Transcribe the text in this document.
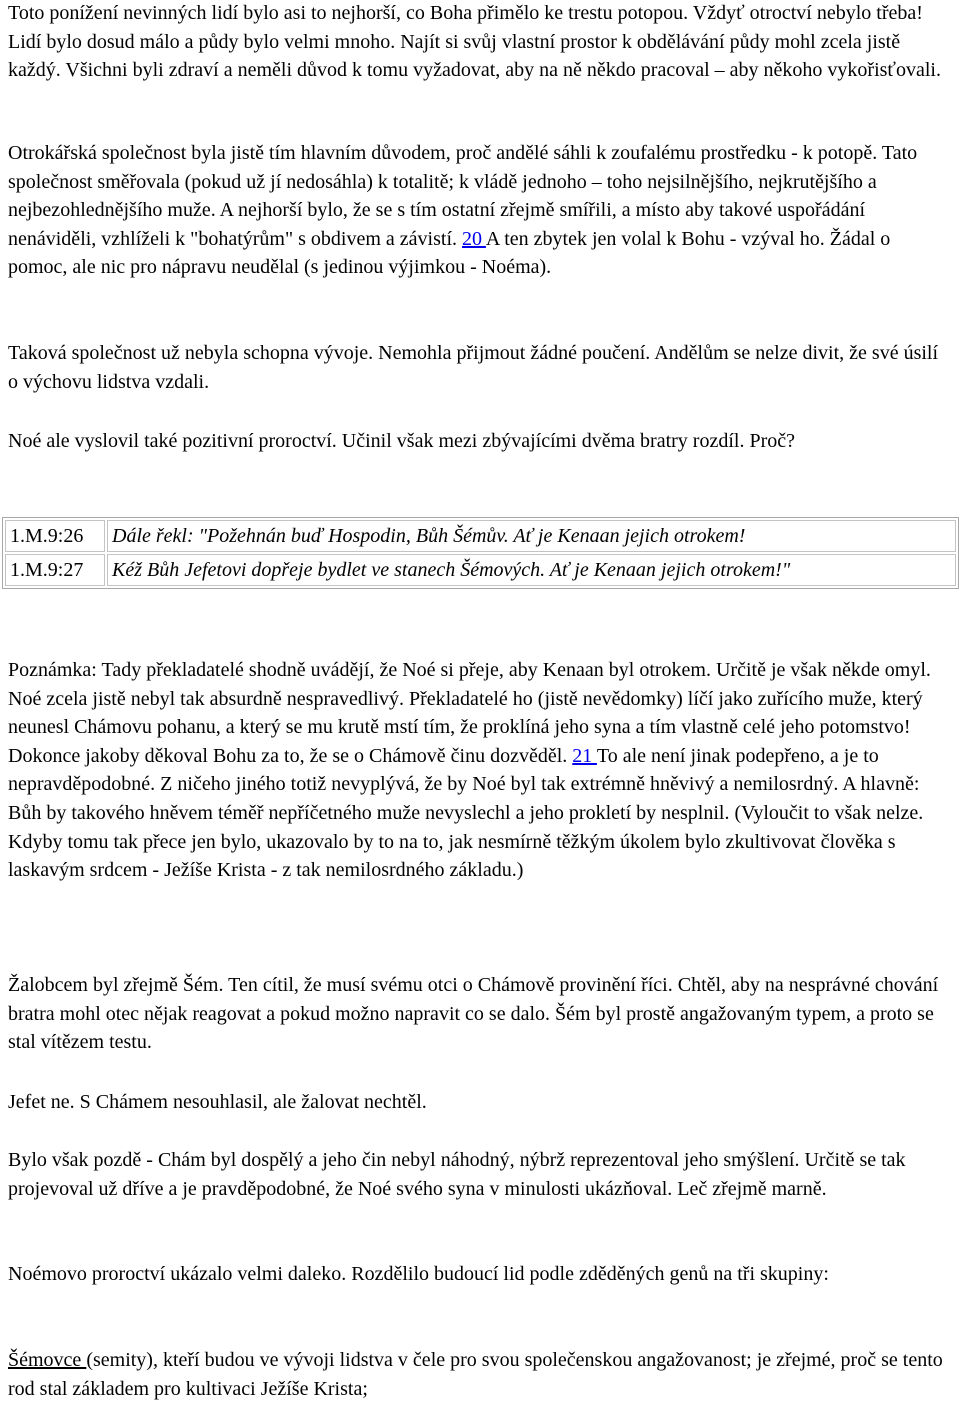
Toto ponížení nevinných lidí bylo asi to nejhorší, co Boha přimělo ke trestu potopou. Vždyť otroctví nebylo třeba! Lidí bylo dosud málo a půdy bylo velmi mnoho. Najít si svůj vlastní prostor k obdělávání půdy mohl zcela jistě každý. Všichni byli zdraví a neměli důvod k tomu vyžadovat, aby na ně někdo pracoval – aby někoho vykořisťovali.

Otrokářská společnost byla jistě tím hlavním důvodem, proč andělé sáhli k zoufalému prostředku - k potopě. Tato společnost směřovala (pokud už jí nedosáhla) k totalitě; k vládě jednoho – toho nejsilnějšího, nejkrutějšího a nejbezohlednějšího muže. A nejhorší bylo, že se s tím ostatní zřejmě smířili, a místo aby takové uspořádání nenáviděli, vzhlíželi k "bohatýrům" s obdivem a závistí. 20 A ten zbytek jen volal k Bohu - vzýval ho. Žádal o pomoc, ale nic pro nápravu neudělal (s jedinou výjimkou - Noéma).

Taková společnost už nebyla schopna vývoje. Nemohla přijmout žádné poučení. Andělům se nelze divit, že své úsilí o výchovu lidstva vzdali.

Noé ale vyslovil také pozitivní proroctví. Učinil však mezi zbývajícími dvěma bratry rozdíl. Proč?

1.M.9:26	Dále řekl: "Požehnán buď Hospodin, Bůh Šémův. Ať je Kenaan jejich otrokem!
1.M.9:27	Kéž Bůh Jefetovi dopřeje bydlet ve stanech Šémových. Ať je Kenaan jejich otrokem!"

Poznámka: Tady překladatelé shodně uvádějí, že Noé si přeje, aby Kenaan byl otrokem. Určitě je však někde omyl. Noé zcela jistě nebyl tak absurdně nespravedlivý. Překladatelé ho (jistě nevědomky) líčí jako zuřícího muže, který neunesl Chámovu pohanu, a který se mu krutě mstí tím, že proklíná jeho syna a tím vlastně celé jeho potomstvo! Dokonce jakoby děkoval Bohu za to, že se o Chámově činu dozvěděl. 21 To ale není jinak podepřeno, a je to nepravděpodobné. Z ničeho jiného totiž nevyplývá, že by Noé byl tak extrémně hněvivý a nemilosrdný. A hlavně: Bůh by takového hněvem téměř nepříčetného muže nevyslechl a jeho prokletí by nesplnil. (Vyloučit to však nelze. Kdyby tomu tak přece jen bylo, ukazovalo by to na to, jak nesmírně těžkým úkolem bylo zkultivovat člověka s laskavým srdcem - Ježíše Krista - z tak nemilosrdného základu.)

Žalobcem byl zřejmě Šém. Ten cítil, že musí svému otci o Chámově provinění říci. Chtěl, aby na nesprávné chování bratra mohl otec nějak reagovat a pokud možno napravit co se dalo. Šém byl prostě angažovaným typem, a proto se stal vítězem testu.

Jefet ne. S Chámem nesouhlasil, ale žalovat nechtěl.

Bylo však pozdě - Chám byl dospělý a jeho čin nebyl náhodný, nýbrž reprezentoval jeho smýšlení. Určitě se tak projevoval už dříve a je pravděpodobné, že Noé svého syna v minulosti ukázňoval. Leč zřejmě marně.

Noémovo proroctví ukázalo velmi daleko. Rozdělilo budoucí lid podle zděděných genů na tři skupiny:

Šémovce (semity), kteří budou ve vývoji lidstva v čele pro svou společenskou angažovanost; je zřejmé, proč se tento rod stal základem pro kultivaci Ježíše Krista;
